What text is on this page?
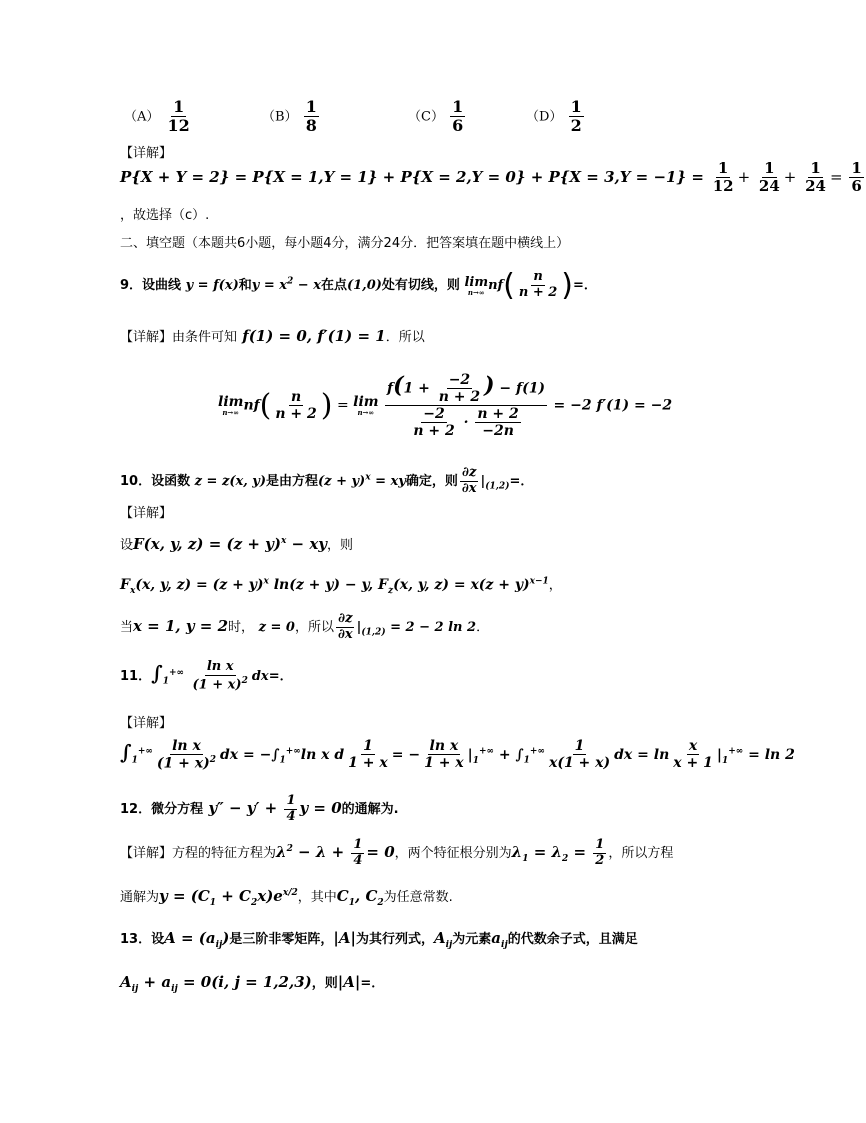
$(A) \frac{1}{12}$	$(B) \frac{1}{8}$	$(C) \frac{1}{6}$	$(D) \frac{1}{2}$
【详解】
$P\{X + Y = 2\} = P\{X = 1,Y = 1\} + P\{X = 2,Y = 0\} + P\{X = 3,Y = -1\} = \frac{1}{12} + \frac{1}{24} + \frac{1}{24} = \frac{1}{6}$
，故选择（c）.
二、填空题（本题共6小题，每小题4分，满分24分．把答案填在题中横线上）
9．设曲线 y = f(x)和$y = x^2 - x$在点(1,0)处有切线，则 lim
n→∞ $nf( \frac{n}{n + 2}$ )=．
【详解】由条件可知 f(1) = 0, f′(1) = 1．所以
lim
n→∞ $nf( \frac{n}{n + 2}$ ) = lim
n→∞
$\frac{f(1 + \frac{-2}{n + 2} ) - f(1)}{\frac{-2}{n + 2} \cdot \frac{n + 2}{-2n}} = -2$ f′(1) = −2
10．设函数 z = z(x, y)是由方程$(z + y)^x$ = xy确定，则 $\frac{\partial z}{\partial x} |_{(1,2)}=$．
【详解】
设F(x, y, $z) = (z + y)^x$ − xy，则
$F_x(x$, y, $z) = (z + y)^x$ ln(z + y) − y, $F_z(x$, y, $z) = x(z + y)^{x-1}$，
当x = 1, y = 2时， z = 0，所以 $\frac{\partial z}{\partial x} |_{(1,2)} = 2 - 2$ ln 2．
11．$\int_1^{+\infty} \frac{\text{ln x}}{(1 + x)^2} dx=$．
【详解】
$\int_1^{+\infty} \frac{\text{ln x}}{(1 + x)^2}$ dx = $-\int_1^{+\infty}\ln$ x d $\frac{1}{1 + x}$ = − $\frac{\text{ln x}}{1 + x} |_1^{+\infty} + \int_1^{+\infty} \frac{1}{x(1 + x)}$ dx = $\ln \frac{x}{x + 1} |_1^{+\infty} = \ln 2$
12．微分方程 $y'' - y' + \frac{1}{4}$ y = 0的通解为.
【详解】方程的特征方程为$\lambda^2 - \lambda + \frac{1}{4} = 0$，两个特征根分别为$\lambda_1 = \lambda_2 = \frac{1}{2}$ ，所以方程
通解为$y = (C_1 + C_2x)e^{x/2}$，其中$C_1$, $C_2$为任意常数.
13．设$A = (a_{ij})$是三阶非零矩阵，|A|为其行列式，$A_{ij}$为元素$a_{ij}$的代数余子式，且满足
$A_{ij} + a_{ij} = 0(i$, j = 1,2,3)，则|A|=．
